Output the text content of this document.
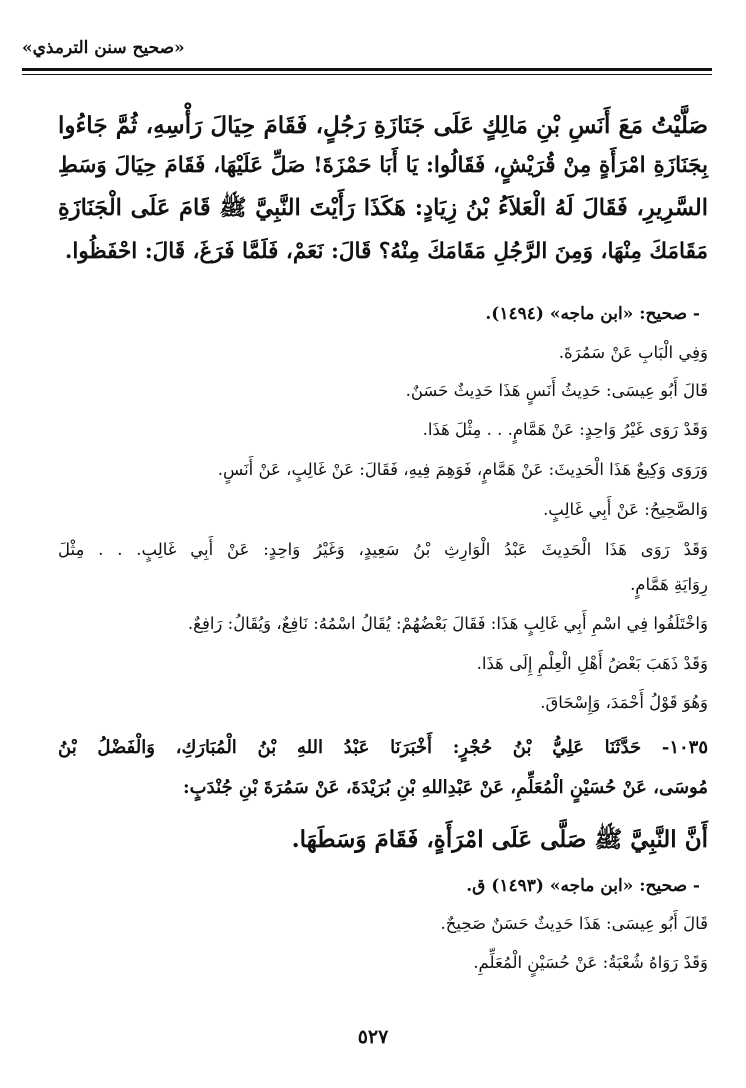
«صحيح سنن الترمذي»
صَلَّيْتُ مَعَ أَنَسِ بْنِ مَالِكٍ عَلَى جَنَازَةِ رَجُلٍ، فَقَامَ حِيَالَ رَأْسِهِ، ثُمَّ جَاءُوا
بِجَنَازَةِ امْرَأَةٍ مِنْ قُرَيْشٍ، فَقَالُوا: يَا أَبَا حَمْزَةَ! صَلِّ عَلَيْهَا، فَقَامَ حِيَالَ وَسَطِ
السَّرِيرِ، فَقَالَ لَهُ الْعَلاَءُ بْنُ زِيَادٍ: هَكَذَا رَأَيْتَ النَّبِيَّ ﷺ قَامَ عَلَى الْجَنَازَةِ
مَقَامَكَ مِنْهَا، وَمِنَ الرَّجُلِ مَقَامَكَ مِنْهُ؟ قَالَ: نَعَمْ، فَلَمَّا فَرَغَ، قَالَ: احْفَظُوا.
- صحيح: «ابن ماجه» (١٤٩٤).
وَفِي الْبَابِ عَنْ سَمُرَةَ.
قَالَ أَبُو عِيسَى: حَدِيثُ أَنَسٍ هَذَا حَدِيثٌ حَسَنٌ.
وَقَدْ رَوَى غَيْرُ وَاحِدٍ: عَنْ هَمَّامٍ. . . مِثْلَ هَذَا.
وَرَوَى وَكِيعٌ هَذَا الْحَدِيثَ: عَنْ هَمَّامٍ، فَوَهِمَ فِيهِ، فَقَالَ: عَنْ غَالِبٍ، عَنْ أَنَسٍ.
وَالصَّحِيحُ: عَنْ أَبِي غَالِبٍ.
وَقَدْ رَوَى هَذَا الْحَدِيثَ عَبْدُ الْوَارِثِ بْنُ سَعِيدٍ، وَغَيْرُ وَاحِدٍ: عَنْ أَبِي غَالِبٍ. . . مِثْلَ
رِوَايَةِ هَمَّامٍ.
وَاخْتَلَفُوا فِي اسْمِ أَبِي غَالِبٍ هَذَا: فَقَالَ بَعْضُهُمْ: يُقَالُ اسْمُهُ: نَافِعٌ، وَيُقَالُ: رَافِعٌ.
وَقَدْ ذَهَبَ بَعْضُ أَهْلِ الْعِلْمِ إِلَى هَذَا.
وَهُوَ قَوْلُ أَحْمَدَ، وَإِسْحَاقَ.
١٠٣٥- حَدَّثَنَا عَلِيُّ بْنُ حُجْرٍ: أَخْبَرَنَا عَبْدُ اللهِ بْنُ الْمُبَارَكِ، وَالْفَضْلُ بْنُ
مُوسَى، عَنْ حُسَيْنٍ الْمُعَلِّمِ، عَنْ عَبْدِاللهِ بْنِ بُرَيْدَةَ، عَنْ سَمُرَةَ بْنِ جُنْدَبٍ:
أَنَّ النَّبِيَّ ﷺ صَلَّى عَلَى امْرَأَةٍ، فَقَامَ وَسَطَهَا.
- صحيح: «ابن ماجه» (١٤٩٣) ق.
قَالَ أَبُو عِيسَى: هَذَا حَدِيثٌ حَسَنٌ صَحِيحٌ.
وَقَدْ رَوَاهُ شُعْبَةُ: عَنْ حُسَيْنٍ الْمُعَلِّمِ.
٥٢٧
